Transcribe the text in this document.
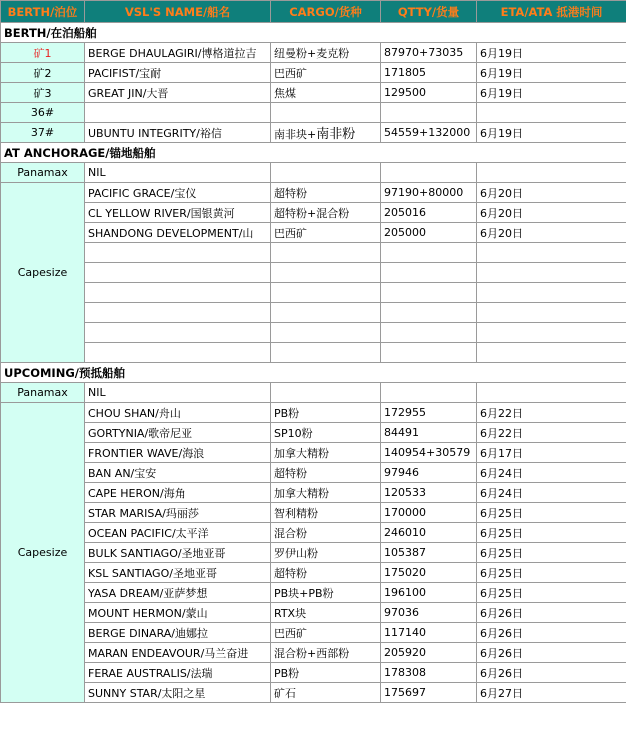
BERTH/泊位	VSL'S NAME/船名	CARGO/货种	QTTY/货量	ETA/ATA 抵港时间
BERTH/在泊船舶				
矿1	BERGE DHAULAGIRI/博格道拉吉	纽曼粉+麦克粉	87970+73035	6月19日
矿2	PACIFIST/宝耐	巴西矿	171805	6月19日
矿3	GREAT JIN/大晋	焦煤	129500	6月19日
36#				
37#	UBUNTU INTEGRITY/裕信	南非块+南非粉	54559+132000	6月19日
AT ANCHORAGE/锚地船舶				
Panamax	NIL			
Capesize	PACIFIC GRACE/宝仪	超特粉	97190+80000	6月20日
	CL YELLOW RIVER/国银黄河	超特粉+混合粉	205016	6月20日
	SHANDONG DEVELOPMENT/山	巴西矿	205000	6月20日

UPCOMING/预抵船舶				
Panamax	NIL			
Capesize	CHOU SHAN/舟山	PB粉	172955	6月22日
	GORTYNIA/歌帝尼亚	SP10粉	84491	6月22日
	FRONTIER WAVE/海浪	加拿大精粉	140954+30579	6月17日
	BAN AN/宝安	超特粉	97946	6月24日
	CAPE HERON/海角	加拿大精粉	120533	6月24日
	STAR MARISA/玛丽莎	智利精粉	170000	6月25日
	OCEAN PACIFIC/太平洋	混合粉	246010	6月25日
	BULK SANTIAGO/圣地亚哥	罗伊山粉	105387	6月25日
	KSL SANTIAGO/圣地亚哥	超特粉	175020	6月25日
	YASA DREAM/亚萨梦想	PB块+PB粉	196100	6月25日
	MOUNT HERMON/蒙山	RTX块	97036	6月26日
	BERGE DINARA/迪娜拉	巴西矿	117140	6月26日
	MARAN ENDEAVOUR/马兰奋进	混合粉+西部粉	205920	6月26日
	FERAE AUSTRALIS/法瑞	PB粉	178308	6月26日
	SUNNY STAR/太阳之星	矿石	175697	6月27日
